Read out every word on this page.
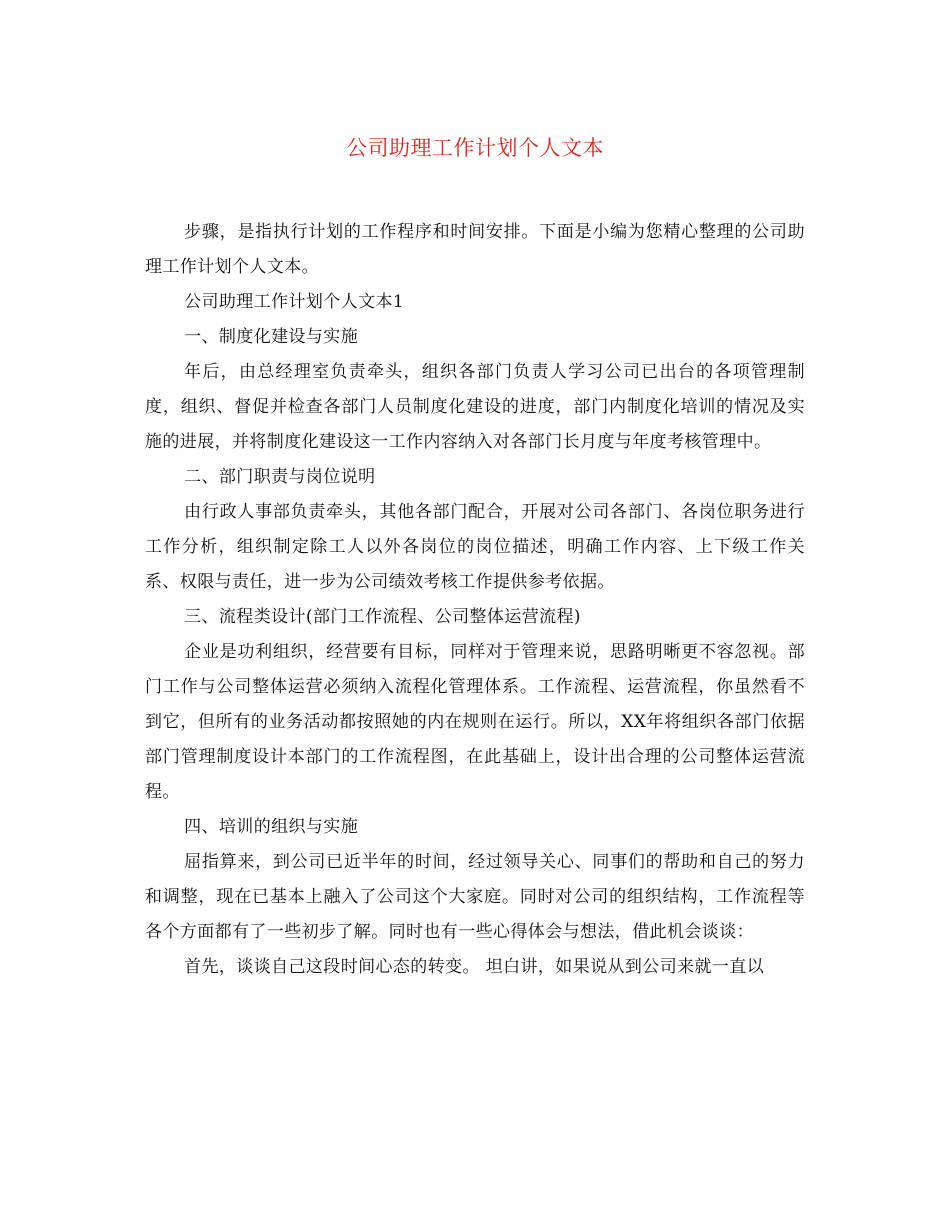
公司助理工作计划个人文本

步骤，是指执行计划的工作程序和时间安排。下面是小编为您精心整理的公司助理工作计划个人文本。

公司助理工作计划个人文本1

一、制度化建设与实施

年后，由总经理室负责牵头，组织各部门负责人学习公司已出台的各项管理制度，组织、督促并检查各部门人员制度化建设的进度，部门内制度化培训的情况及实施的进展，并将制度化建设这一工作内容纳入对各部门长月度与年度考核管理中。

二、部门职责与岗位说明

由行政人事部负责牵头，其他各部门配合，开展对公司各部门、各岗位职务进行工作分析，组织制定除工人以外各岗位的岗位描述，明确工作内容、上下级工作关系、权限与责任，进一步为公司绩效考核工作提供参考依据。

三、流程类设计(部门工作流程、公司整体运营流程)

企业是功利组织，经营要有目标，同样对于管理来说，思路明晰更不容忽视。部门工作与公司整体运营必须纳入流程化管理体系。工作流程、运营流程，你虽然看不到它，但所有的业务活动都按照她的内在规则在运行。所以，XX年将组织各部门依据部门管理制度设计本部门的工作流程图，在此基础上，设计出合理的公司整体运营流程。

四、培训的组织与实施

屈指算来，到公司已近半年的时间，经过领导关心、同事们的帮助和自己的努力和调整，现在已基本上融入了公司这个大家庭。同时对公司的组织结构，工作流程等各个方面都有了一些初步了解。同时也有一些心得体会与想法，借此机会谈谈：

首先，谈谈自己这段时间心态的转变。 坦白讲，如果说从到公司来就一直以
